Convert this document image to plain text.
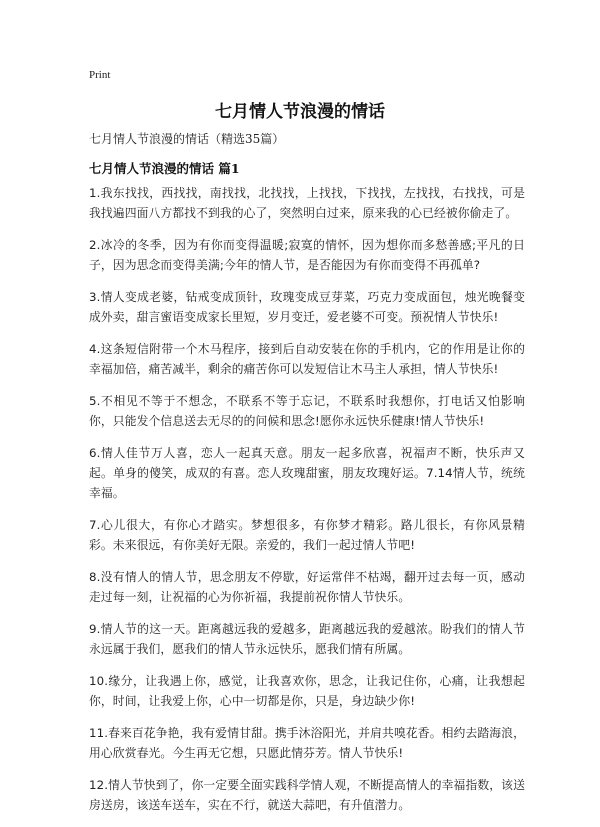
Print
七月情人节浪漫的情话

七月情人节浪漫的情话（精选35篇）

七月情人节浪漫的情话 篇1

1.我东找找，西找找，南找找，北找找，上找找，下找找，左找找，右找找，可是我找遍四面八方都找不到我的心了，突然明白过来，原来我的心已经被你偷走了。

2.冰冷的冬季，因为有你而变得温暖;寂寞的情怀，因为想你而多愁善感;平凡的日子，因为思念而变得美满;今年的情人节，是否能因为有你而变得不再孤单?

3.情人变成老婆，钻戒变成顶针，玫瑰变成豆芽菜，巧克力变成面包，烛光晚餐变成外卖，甜言蜜语变成家长里短，岁月变迁，爱老婆不可变。预祝情人节快乐!

4.这条短信附带一个木马程序，接到后自动安装在你的手机内，它的作用是让你的幸福加倍，痛苦减半，剩余的痛苦你可以发短信让木马主人承担，情人节快乐!

5.不相见不等于不想念，不联系不等于忘记，不联系时我想你，打电话又怕影响你，只能发个信息送去无尽的的问候和思念!愿你永远快乐健康!情人节快乐!

6.情人佳节万人喜，恋人一起真天意。朋友一起多欣喜，祝福声不断，快乐声又起。单身的傻笑，成双的有喜。恋人玫瑰甜蜜，朋友玫瑰好运。7.14情人节，统统幸福。

7.心儿很大，有你心才踏实。梦想很多，有你梦才精彩。路儿很长，有你风景精彩。未来很远，有你美好无限。亲爱的，我们一起过情人节吧!

8.没有情人的情人节，思念朋友不停歇，好运常伴不枯竭，翻开过去每一页，感动走过每一刻，让祝福的心为你祈福，我提前祝你情人节快乐。

9.情人节的这一天。距离越远我的爱越多，距离越远我的爱越浓。盼我们的情人节永远属于我们，愿我们的情人节永远快乐，愿我们情有所属。

10.缘分，让我遇上你，感觉，让我喜欢你，思念，让我记住你，心痛，让我想起你，时间，让我爱上你，心中一切都是你，只是，身边缺少你!

11.春来百花争艳，我有爱情甘甜。携手沐浴阳光，并肩共嗅花香。相约去踏海浪，用心欣赏春光。今生再无它想，只愿此情芬芳。情人节快乐!

12.情人节快到了，你一定要全面实践科学情人观，不断提高情人的幸福指数，该送房送房，该送车送车，实在不行，就送大蒜吧，有升值潜力。
